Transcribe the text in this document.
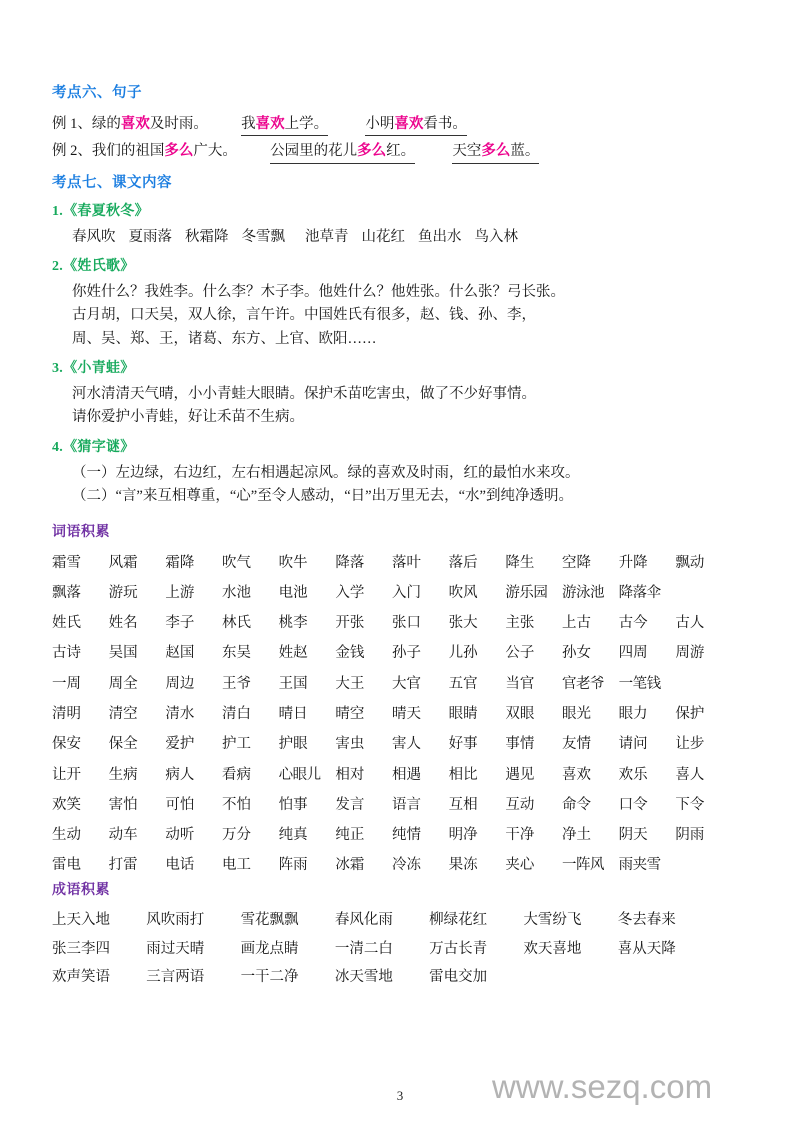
考点六、句子
例 1、绿的喜欢及时雨。 我喜欢上学。	小明喜欢看书。
例 2、我们的祖国多么广大。 公园里的花儿多么红。	天空多么蓝。
考点七、课文内容
1.《春夏秋冬》
春风吹 夏雨落 秋霜降 冬雪飘 池草青 山花红 鱼出水 鸟入林
2.《姓氏歌》
你姓什么？我姓李。什么李？木子李。他姓什么？他姓张。什么张？弓长张。
古月胡，口天吴，双人徐，言午许。中国姓氏有很多，赵、钱、孙、李，
周、吴、郑、王，诸葛、东方、上官、欧阳……
3.《小青蛙》
河水清清天气晴，小小青蛙大眼睛。保护禾苗吃害虫，做了不少好事情。
请你爱护小青蛙，好让禾苗不生病。
4.《猜字谜》
（一）左边绿，右边红，左右相遇起凉风。绿的喜欢及时雨，红的最怕水来攻。
（二）“言”来互相尊重，“心”至令人感动，“日”出万里无去，“水”到纯净透明。
词语积累
霜雪	风霜	霜降	吹气	吹牛	降落	落叶	落后	降生	空降	升降	飘动
飘落	游玩	上游	水池	电池	入学	入门	吹风	游乐园	游泳池	降落伞
姓氏	姓名	李子	林氏	桃李	开张	张口	张大	主张	上古	古今	古人
古诗	吴国	赵国	东吴	姓赵	金钱	孙子	儿孙	公子	孙女	四周	周游
一周	周全	周边	王爷	王国	大王	大官	五官	当官	官老爷	一笔钱
清明	清空	清水	清白	晴日	晴空	晴天	眼睛	双眼	眼光	眼力	保护
保安	保全	爱护	护工	护眼	害虫	害人	好事	事情	友情	请问	让步
让开	生病	病人	看病	心眼儿	相对	相遇	相比	遇见	喜欢	欢乐	喜人
欢笑	害怕	可怕	不怕	怕事	发言	语言	互相	互动	命令	口令	下令
生动	动车	动听	万分	纯真	纯正	纯情	明净	干净	净土	阴天	阴雨
雷电	打雷	电话	电工	阵雨	冰霜	冷冻	果冻	夹心	一阵风	雨夹雪
成语积累
上天入地	风吹雨打	雪花飘飘	春风化雨	柳绿花红	大雪纷飞	冬去春来
张三李四	雨过天晴	画龙点睛	一清二白	万古长青	欢天喜地	喜从天降
欢声笑语	三言两语	一干二净	冰天雪地	雷电交加
3	www.sezq.com
